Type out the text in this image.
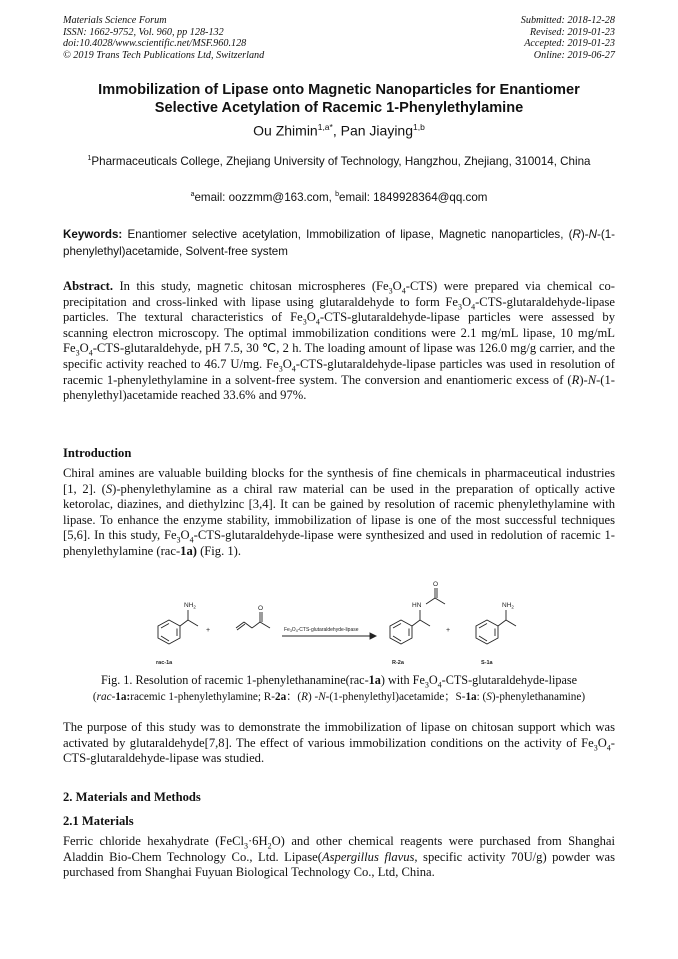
Materials Science Forum
ISSN: 1662-9752, Vol. 960, pp 128-132
doi:10.4028/www.scientific.net/MSF.960.128
© 2019 Trans Tech Publications Ltd, Switzerland
Submitted: 2018-12-28
Revised: 2019-01-23
Accepted: 2019-01-23
Online: 2019-06-27
Immobilization of Lipase onto Magnetic Nanoparticles for Enantiomer
Selective Acetylation of Racemic 1-Phenylethylamine
Ou Zhimin$^{1,a*}$, Pan Jiaying$^{1,b}$
$^1$Pharmaceuticals College, Zhejiang University of Technology, Hangzhou, Zhejiang, 310014, China
$^a$email: oozzmm@163.com, $^b$email: 1849928364@qq.com
Keywords: Enantiomer selective acetylation, Immobilization of lipase, Magnetic nanoparticles, (R)-N-(1-phenylethyl)acetamide, Solvent-free system
Abstract. In this study, magnetic chitosan microspheres $(Fe_3O_4-CTS)$ were prepared via chemical co-precipitation and cross-linked with lipase using glutaraldehyde to form $Fe_3O_4-CTS-glutaraldehyde$-lipase particles. The textural characteristics of $Fe_3O_4-CTS-glutaraldehyde$-lipase particles were assessed by scanning electron microscopy. The optimal immobilization conditions were 2.1 mg/mL lipase, 10 mg/mL $Fe_3O_4-CTS$-glutaraldehyde, pH 7.5, 30 ℃, 2 h. The loading amount of lipase was 126.0 mg/g carrier, and the specific activity reached to 46.7 U/mg. $Fe_3O_4-CTS-glutaraldehyde$-lipase particles was used in resolution of racemic 1-phenylethylamine in a solvent-free system. The conversion and enantiomeric excess of (R)-N-(1-phenylethyl)acetamide reached 33.6% and 97%.
Introduction
Chiral amines are valuable building blocks for the synthesis of fine chemicals in pharmaceutical industries [1, 2]. (S)-phenylethylamine as a chiral raw material can be used in the preparation of optically active ketorolac, diazines, and diethylzinc [3,4]. It can be gained by resolution of racemic phenylethylamine with lipase. To enhance the enzyme stability, immobilization of lipase is one of the most successful techniques [5,6]. In this study, $Fe_3O_4-CTS-glutaraldehyde$-lipase were synthesized and used in redolution of racemic 1-phenylethylamine (rac-1a) (Fig. 1).
$NH_2$
+
O
O
HN
+
$NH_2$
$Fe_3O_4-CTS-glutaraldehyde$-lipase
rac-1a	R-2a	S-1a
Fig. 1. Resolution of racemic 1-phenylethanamine(rac-1a) with $Fe_3O_4-CTS-glutaraldehyde$-lipase
(rac-1a:racemic 1-phenylethylamine; R-2a：(R) -N-(1-phenylethyl)acetamide；S-1a: (S)-phenylethanamine)
The purpose of this study was to demonstrate the immobilization of lipase on chitosan support which was activated by glutaraldehyde[7,8]. The effect of various immobilization conditions on the activity of $Fe_3O_4-CTS-glutaraldehyde$-lipase was studied.
2. Materials and Methods
2.1 Materials
Ferric chloride hexahydrate $(FeCl_3\cdot 6H_2O)$ and other chemical reagents were purchased from Shanghai Aladdin Bio-Chem Technology Co., Ltd. Lipase(Aspergillus flavus, specific activity 70U/g) powder was purchased from Shanghai Fuyuan Biological Technology Co., Ltd, China.
